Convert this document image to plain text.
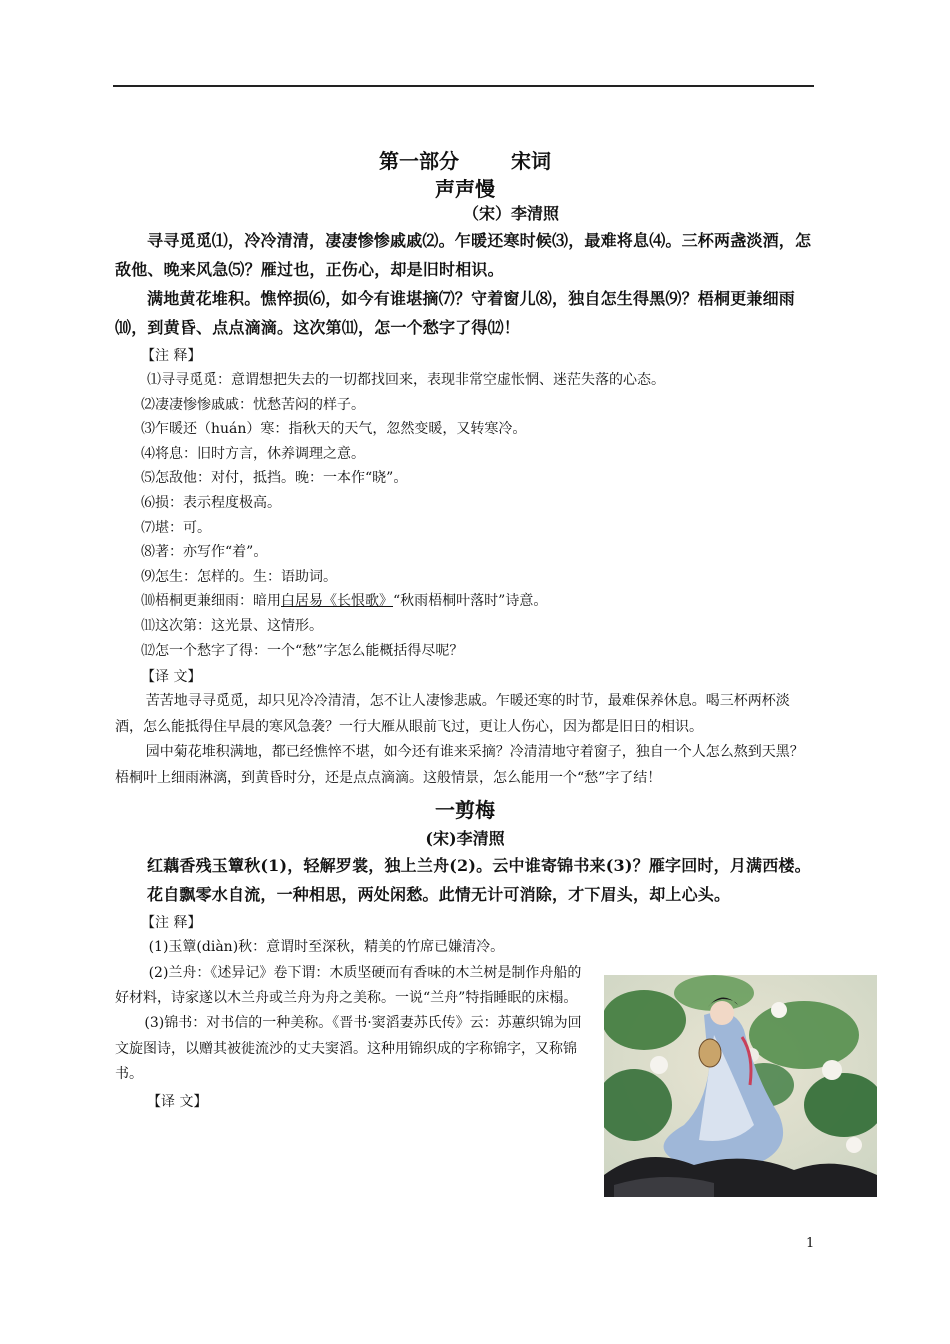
第一部分	宋词

声声慢

（宋）李清照

寻寻觅觅⑴，冷冷清清，凄凄惨惨戚戚⑵。乍暖还寒时候⑶，最难将息⑷。三杯两盏淡酒，怎敌他、晚来风急⑸？雁过也，正伤心，却是旧时相识。

满地黄花堆积。憔悴损⑹，如今有谁堪摘⑺？守着窗儿⑻，独自怎生得黑⑼？梧桐更兼细雨⑽，到黄昏、点点滴滴。这次第⑾，怎一个愁字了得⑿！

【注 释】

⑴寻寻觅觅：意谓想把失去的一切都找回来，表现非常空虚怅惘、迷茫失落的心态。

⑵凄凄惨惨戚戚：忧愁苦闷的样子。

⑶乍暖还（huán）寒：指秋天的天气，忽然变暖，又转寒冷。

⑷将息：旧时方言，休养调理之意。

⑸怎敌他：对付，抵挡。晚：一本作“晓”。

⑹损：表示程度极高。

⑺堪：可。

⑻著：亦写作“着”。

⑼怎生：怎样的。生：语助词。

⑽梧桐更兼细雨：暗用白居易《长恨歌》“秋雨梧桐叶落时”诗意。

⑾这次第：这光景、这情形。

⑿怎一个愁字了得：一个“愁”字怎么能概括得尽呢？

【译 文】

苦苦地寻寻觅觅，却只见冷冷清清，怎不让人凄惨悲戚。乍暖还寒的时节，最难保养休息。喝三杯两杯淡酒，怎么能抵得住早晨的寒风急袭？一行大雁从眼前飞过，更让人伤心，因为都是旧日的相识。

园中菊花堆积满地，都已经憔悴不堪，如今还有谁来采摘？冷清清地守着窗子，独自一个人怎么熬到天黑？梧桐叶上细雨淋漓，到黄昏时分，还是点点滴滴。这般情景，怎么能用一个“愁”字了结！

一剪梅

(宋)李清照

红藕香残玉簟秋(1)，轻解罗裳，独上兰舟(2)。云中谁寄锦书来(3)？雁字回时，月满西楼。

花自飘零水自流，一种相思，两处闲愁。此情无计可消除，才下眉头，却上心头。

【注 释】

(1)玉簟(diàn)秋：意谓时至深秋，精美的竹席已嫌清冷。

(2)兰舟：《述异记》卷下谓：木质坚硬而有香味的木兰树是制作舟船的好材料，诗家遂以木兰舟或兰舟为舟之美称。一说“兰舟”特指睡眠的床榻。

(3)锦书：对书信的一种美称。《晋书·窦滔妻苏氏传》云：苏蕙织锦为回文旋图诗，以赠其被徙流沙的丈夫窦滔。这种用锦织成的字称锦字，又称锦书。

【译 文】

1
